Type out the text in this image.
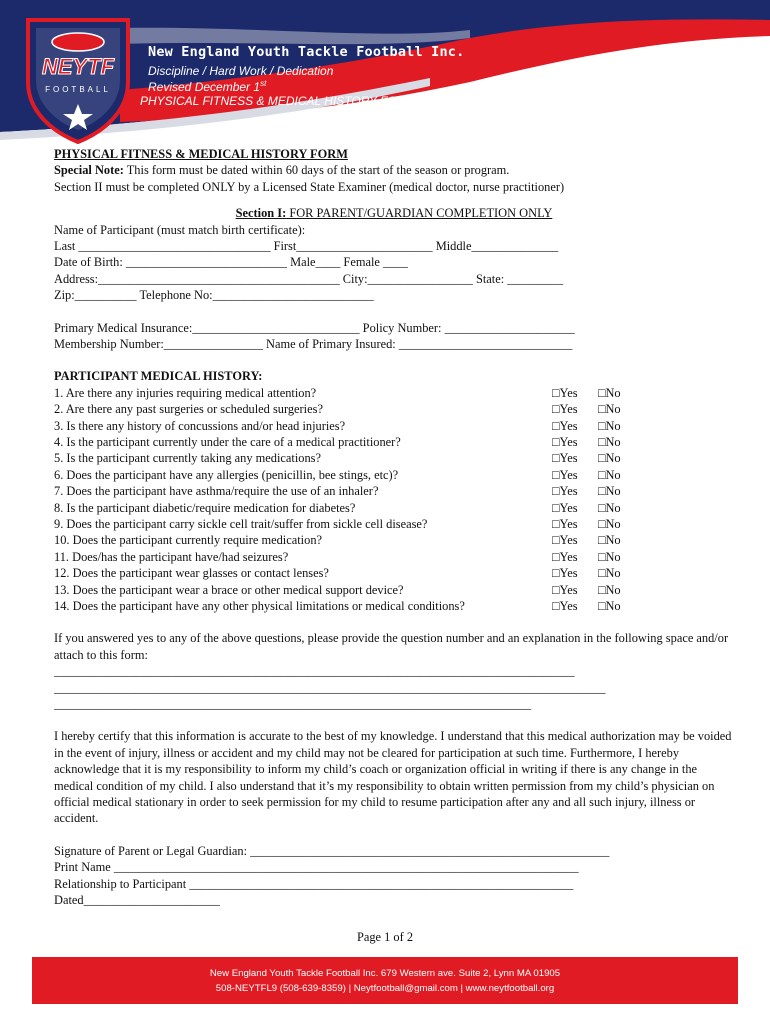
NEYTF
FOOTBALL
New England Youth Tackle Football Inc.
Discipline / Hard Work / Dedication
Revised December 1st
PHYSICAL FITNESS & MEDICAL HISTORY FORM Pg 1 of 2
PHYSICAL FITNESS & MEDICAL HISTORY FORM
Special Note: This form must be dated within 60 days of the start of the season or program.
Section II must be completed ONLY by a Licensed State Examiner (medical doctor, nurse practitioner)
Section I: FOR PARENT/GUARDIAN COMPLETION ONLY
Name of Participant (must match birth certificate):
Last _______________________________ First______________________ Middle______________
Date of Birth: __________________________ Male____ Female ____
Address:_______________________________________ City:_________________ State: _________
Zip:__________ Telephone No:__________________________
Primary Medical Insurance:___________________________ Policy Number: _____________________
Membership Number:________________ Name of Primary Insured: ____________________________
PARTICIPANT MEDICAL HISTORY:
1. Are there any injuries requiring medical attention?	□Yes □No
2. Are there any past surgeries or scheduled surgeries?	□Yes □No
3. Is there any history of concussions and/or head injuries?	□Yes □No
4. Is the participant currently under the care of a medical practitioner?	□Yes □No
5. Is the participant currently taking any medications?	□Yes □No
6. Does the participant have any allergies (penicillin, bee stings, etc)?	□Yes □No
7. Does the participant have asthma/require the use of an inhaler?	□Yes □No
8. Is the participant diabetic/require medication for diabetes?	□Yes □No
9. Does the participant carry sickle cell trait/suffer from sickle cell disease?	□Yes □No
10. Does the participant currently require medication?	□Yes □No
11. Does/has the participant have/had seizures?	□Yes □No
12. Does the participant wear glasses or contact lenses?	□Yes □No
13. Does the participant wear a brace or other medical support device?	□Yes □No
14. Does the participant have any other physical limitations or medical conditions?	□Yes □No
If you answered yes to any of the above questions, please provide the question number and an explanation in the following space and/or attach to this form:
____________________________________________________________________________________
_________________________________________________________________________________________
_____________________________________________________________________________
I hereby certify that this information is accurate to the best of my knowledge. I understand that this medical authorization may be voided in the event of injury, illness or accident and my child may not be cleared for participation at such time. Furthermore, I hereby acknowledge that it is my responsibility to inform my child’s coach or organization official in writing if there is any change in the medical condition of my child. I also understand that it’s my responsibility to obtain written permission from my child’s physician on official medical stationary in order to seek permission for my child to resume participation after any and all such injury, illness or accident.
Signature of Parent or Legal Guardian: __________________________________________________________
Print Name ___________________________________________________________________________
Relationship to Participant ______________________________________________________________
Dated______________________
Page 1 of 2
New England Youth Tackle Football Inc. 679 Western ave. Suite 2, Lynn MA 01905
508-NEYTFL9 (508-639-8359) | Neytfootball@gmail.com | www.neytfootball.org
